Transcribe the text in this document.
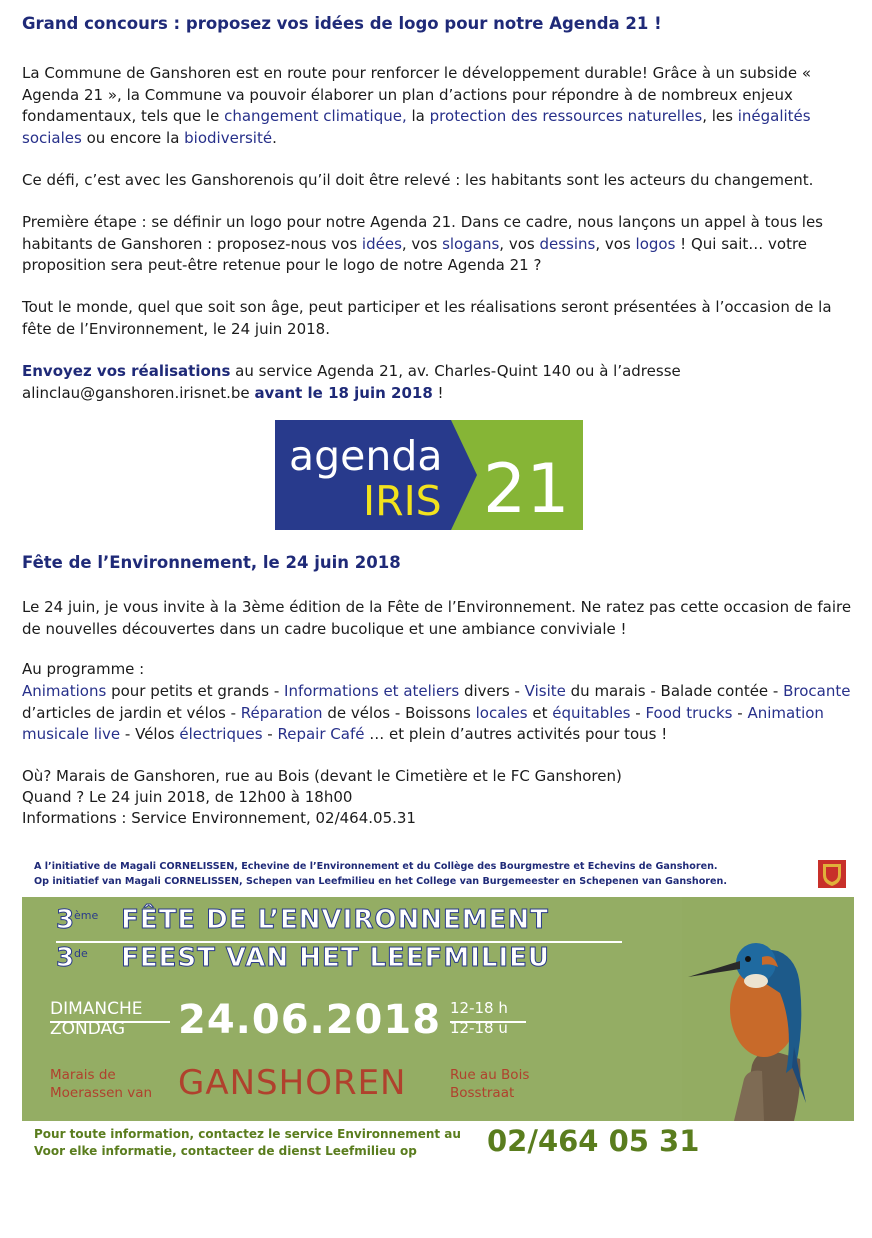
Grand concours : proposez vos idées de logo pour notre Agenda 21 !

La Commune de Ganshoren est en route pour renforcer le développement durable! Grâce à un subside « Agenda 21 », la Commune va pouvoir élaborer un plan d’actions pour répondre à de nombreux enjeux fondamentaux, tels que le changement climatique, la protection des ressources naturelles, les inégalités sociales ou encore la biodiversité.

Ce défi, c’est avec les Ganshorenois qu’il doit être relevé : les habitants sont les acteurs du changement.

Première étape : se définir un logo pour notre Agenda 21. Dans ce cadre, nous lançons un appel à tous les habitants de Ganshoren : proposez-nous vos idées, vos slogans, vos dessins, vos logos ! Qui sait… votre proposition sera peut-être retenue pour le logo de notre Agenda 21 ?

Tout le monde, quel que soit son âge, peut participer et les réalisations seront présentées à l’occasion de la fête de l’Environnement, le 24 juin 2018.

Envoyez vos réalisations au service Agenda 21, av. Charles-Quint 140 ou à l’adresse alinclau@ganshoren.irisnet.be avant le 18 juin 2018 !

agenda
IRIS 21
Fête de l’Environnement, le 24 juin 2018

Le 24 juin, je vous invite à la 3ème édition de la Fête de l’Environnement. Ne ratez pas cette occasion de faire de nouvelles découvertes dans un cadre bucolique et une ambiance conviviale !

Au programme :

Animations pour petits et grands - Informations et ateliers divers - Visite du marais - Balade contée - Brocante d’articles de jardin et vélos - Réparation de vélos - Boissons locales et équitables - Food trucks - Animation musicale live - Vélos électriques - Repair Café … et plein d’autres activités pour tous !

Où? Marais de Ganshoren, rue au Bois (devant le Cimetière et le FC Ganshoren)

Quand ? Le 24 juin 2018, de 12h00 à 18h00

Informations : Service Environnement, 02/464.05.31

A l’initiative de Magali CORNELISSEN, Echevine de l’Environnement et du Collège des Bourgmestre et Echevins de Ganshoren.
Op initiatief van Magali CORNELISSEN, Schepen van Leefmilieu en het College van Burgemeester en Schepenen van Ganshoren.
3
ème FÊTE DE L’ENVIRONNEMENT
3
de FEEST VAN HET LEEFMILIEU
DIMANCHE
ZONDAG 24.06.2018 12-18 h
12-18 u
Marais de
Moerassen van GANSHOREN	Rue au Bois
Bosstraat
Pour toute information, contactez le service Environnement au
Voor elke informatie, contacteer de dienst Leefmilieu op 02/464 05 31
